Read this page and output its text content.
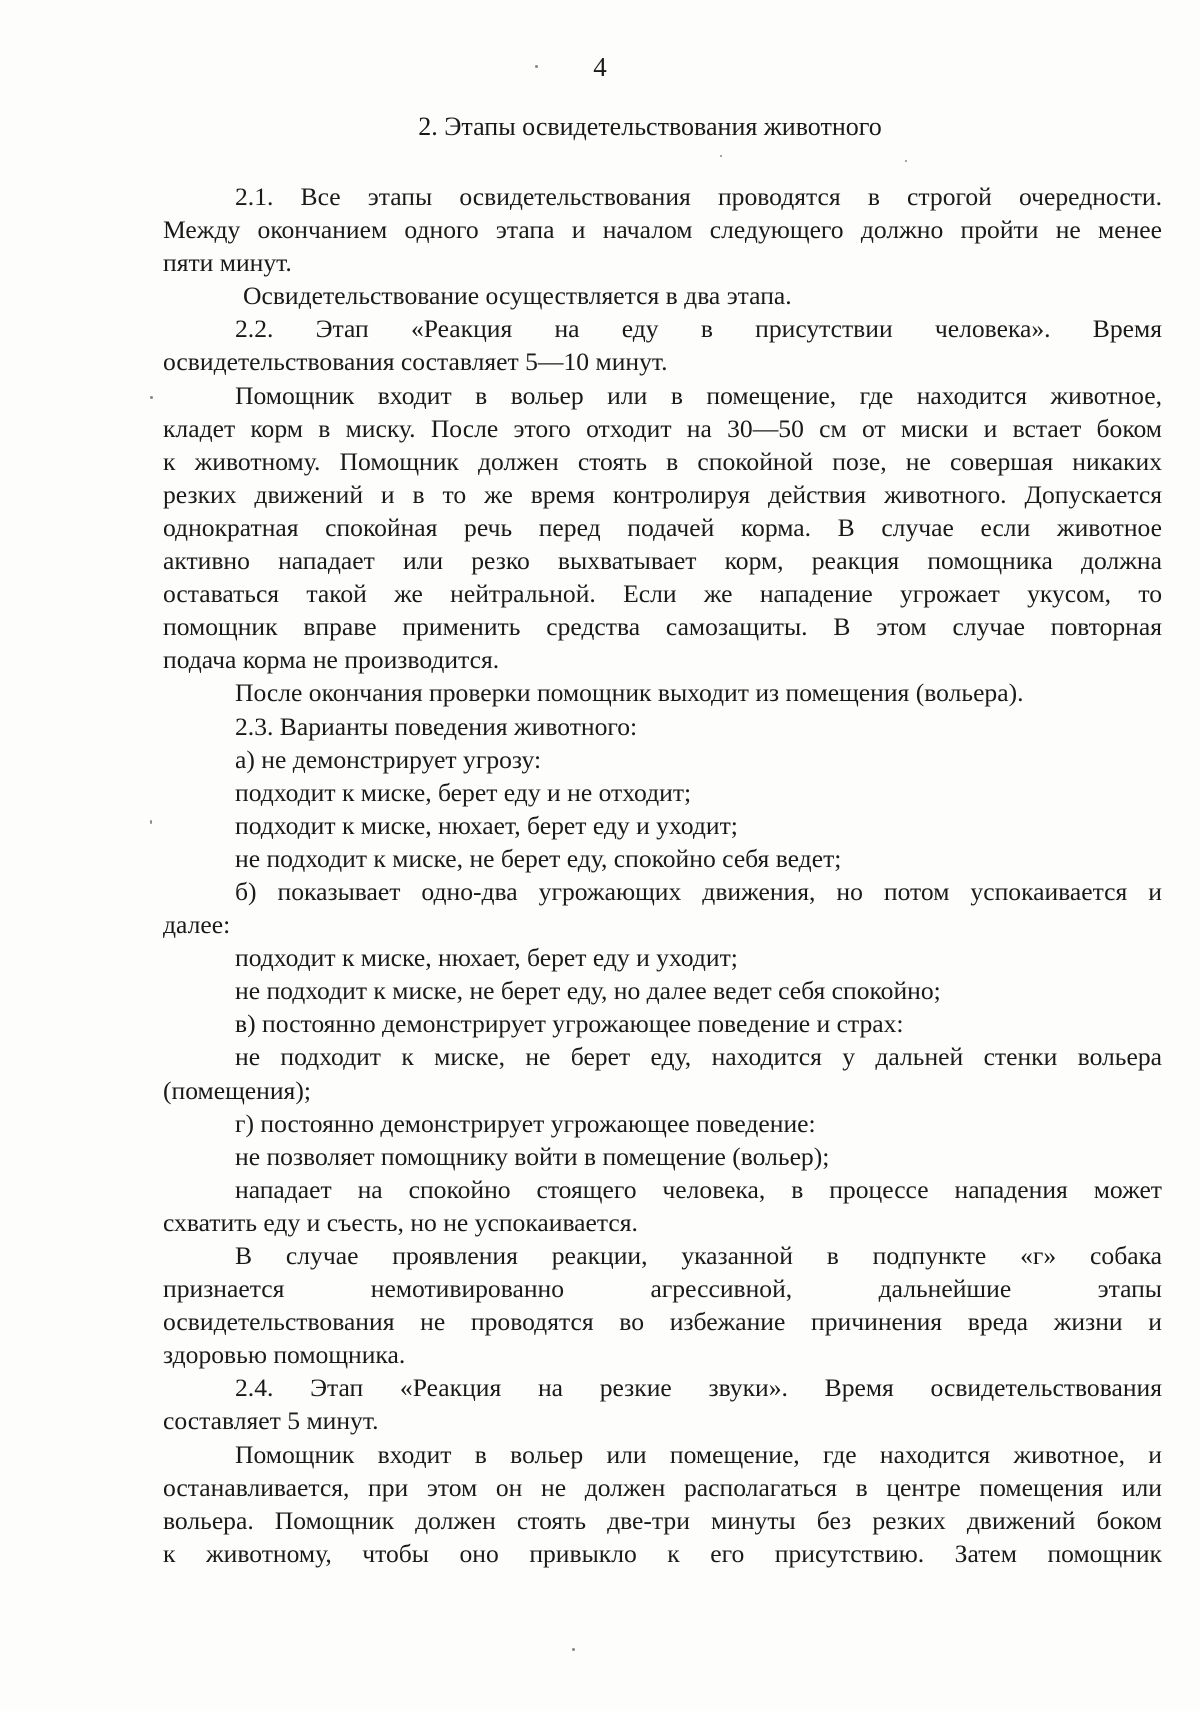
4
2. Этапы освидетельствования животного
2.1. Все этапы освидетельствования проводятся в строгой очередности.
Между окончанием одного этапа и началом следующего должно пройти не менее
пяти минут.
Освидетельствование осуществляется в два этапа.
2.2. Этап «Реакция на еду в присутствии человека». Время
освидетельствования составляет 5—10 минут.
Помощник входит в вольер или в помещение, где находится животное,
кладет корм в миску. После этого отходит на 30—50 см от миски и встает боком
к животному. Помощник должен стоять в спокойной позе, не совершая никаких
резких движений и в то же время контролируя действия животного. Допускается
однократная спокойная речь перед подачей корма. В случае если животное
активно нападает или резко выхватывает корм, реакция помощника должна
оставаться такой же нейтральной. Если же нападение угрожает укусом, то
помощник вправе применить средства самозащиты. В этом случае повторная
подача корма не производится.
После окончания проверки помощник выходит из помещения (вольера).
2.3. Варианты поведения животного:
а) не демонстрирует угрозу:
подходит к миске, берет еду и не отходит;
подходит к миске, нюхает, берет еду и уходит;
не подходит к миске, не берет еду, спокойно себя ведет;
б) показывает одно-два угрожающих движения, но потом успокаивается и
далее:
подходит к миске, нюхает, берет еду и уходит;
не подходит к миске, не берет еду, но далее ведет себя спокойно;
в) постоянно демонстрирует угрожающее поведение и страх:
не подходит к миске, не берет еду, находится у дальней стенки вольера
(помещения);
г) постоянно демонстрирует угрожающее поведение:
не позволяет помощнику войти в помещение (вольер);
нападает на спокойно стоящего человека, в процессе нападения может
схватить еду и съесть, но не успокаивается.
В случае проявления реакции, указанной в подпункте «г» собака
признается немотивированно агрессивной, дальнейшие этапы
освидетельствования не проводятся во избежание причинения вреда жизни и
здоровью помощника.
2.4. Этап «Реакция на резкие звуки». Время освидетельствования
составляет 5 минут.
Помощник входит в вольер или помещение, где находится животное, и
останавливается, при этом он не должен располагаться в центре помещения или
вольера. Помощник должен стоять две-три минуты без резких движений боком
к животному, чтобы оно привыкло к его присутствию. Затем помощник
